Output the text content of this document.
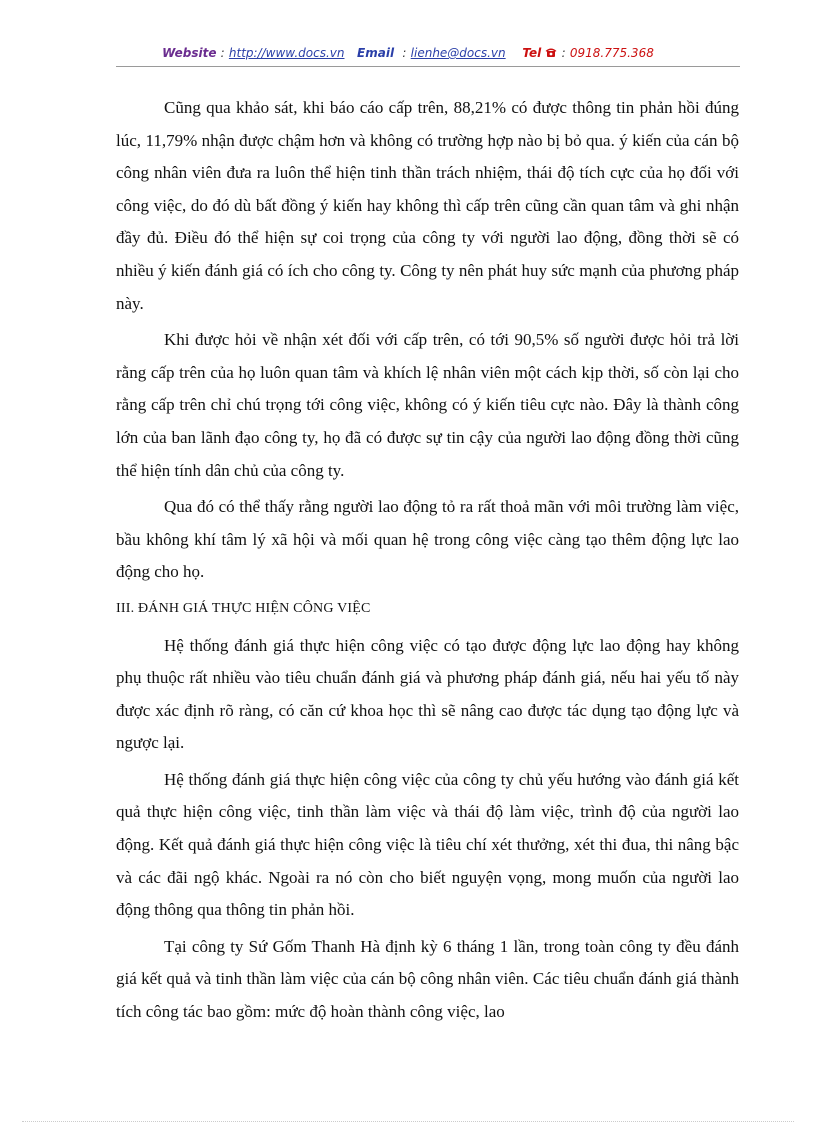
Website : http://www.docs.vn Email : lienhe@docs.vn Tel : 0918.775.368

Cũng qua khảo sát, khi báo cáo cấp trên, 88,21% có được thông tin phản hồi đúng lúc, 11,79% nhận được chậm hơn và không có trường hợp nào bị bỏ qua. ý kiến của cán bộ công nhân viên đưa ra luôn thể hiện tinh thần trách nhiệm, thái độ tích cực của họ đối với công việc, do đó dù bất đồng ý kiến hay không thì cấp trên cũng cần quan tâm và ghi nhận đầy đủ. Điều đó thể hiện sự coi trọng của công ty với người lao động, đồng thời sẽ có nhiều ý kiến đánh giá có ích cho công ty. Công ty nên phát huy sức mạnh của phương pháp này.

Khi được hỏi về nhận xét đối với cấp trên, có tới 90,5% số người được hỏi trả lời rằng cấp trên của họ luôn quan tâm và khích lệ nhân viên một cách kịp thời, số còn lại cho rằng cấp trên chỉ chú trọng tới công việc, không có ý kiến tiêu cực nào. Đây là thành công lớn của ban lãnh đạo công ty, họ đã có được sự tin cậy của người lao động đồng thời cũng thể hiện tính dân chủ của công ty.

Qua đó có thể thấy rằng người lao động tỏ ra rất thoả mãn với môi trường làm việc, bầu không khí tâm lý xã hội và mối quan hệ trong công việc càng tạo thêm động lực lao động cho họ.

III. ĐÁNH GIÁ THỰC HIỆN CÔNG VIỆC

Hệ thống đánh giá thực hiện công việc có tạo được động lực lao động hay không phụ thuộc rất nhiều vào tiêu chuẩn đánh giá và phương pháp đánh giá, nếu hai yếu tố này được xác định rõ ràng, có căn cứ khoa học thì sẽ nâng cao được tác dụng tạo động lực và ngược lại.

Hệ thống đánh giá thực hiện công việc của công ty chủ yếu hướng vào đánh giá kết quả thực hiện công việc, tinh thần làm việc và thái độ làm việc, trình độ của người lao động. Kết quả đánh giá thực hiện công việc là tiêu chí xét thưởng, xét thi đua, thi nâng bậc và các đãi ngộ khác. Ngoài ra nó còn cho biết nguyện vọng, mong muốn của người lao động thông qua thông tin phản hồi.

Tại công ty Sứ Gốm Thanh Hà định kỳ 6 tháng 1 lần, trong toàn công ty đều đánh giá kết quả và tinh thần làm việc của cán bộ công nhân viên. Các tiêu chuẩn đánh giá thành tích công tác bao gồm: mức độ hoàn thành công việc, lao
